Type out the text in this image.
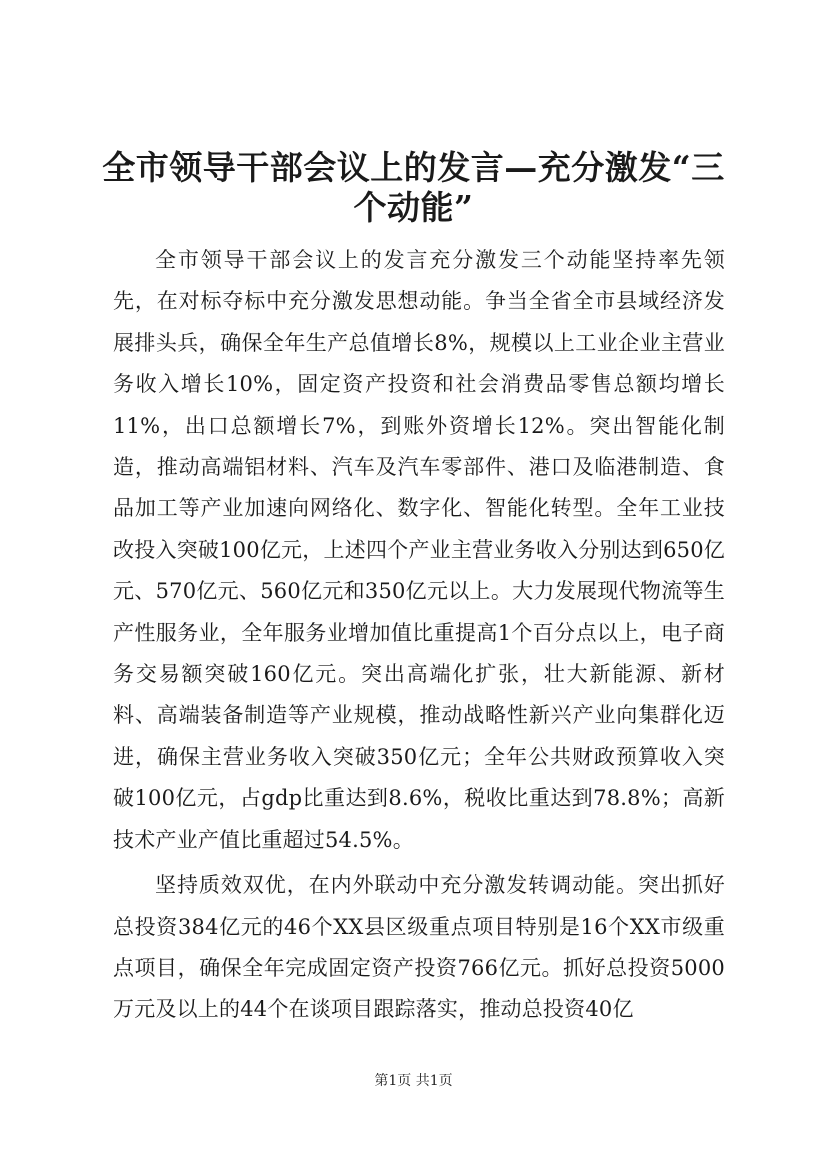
全市领导干部会议上的发言—充分激发“三个动能”

全市领导干部会议上的发言充分激发三个动能坚持率先领先，在对标夺标中充分激发思想动能。争当全省全市县域经济发展排头兵，确保全年生产总值增长8%，规模以上工业企业主营业务收入增长10%，固定资产投资和社会消费品零售总额均增长11%，出口总额增长7%，到账外资增长12%。突出智能化制造，推动高端铝材料、汽车及汽车零部件、港口及临港制造、食品加工等产业加速向网络化、数字化、智能化转型。全年工业技改投入突破100亿元，上述四个产业主营业务收入分别达到650亿元、570亿元、560亿元和350亿元以上。大力发展现代物流等生产性服务业，全年服务业增加值比重提高1个百分点以上，电子商务交易额突破160亿元。突出高端化扩张，壮大新能源、新材料、高端装备制造等产业规模，推动战略性新兴产业向集群化迈进，确保主营业务收入突破350亿元；全年公共财政预算收入突破100亿元，占gdp比重达到8.6%，税收比重达到78.8%；高新技术产业产值比重超过54.5%。

坚持质效双优，在内外联动中充分激发转调动能。突出抓好总投资384亿元的46个XX县区级重点项目特别是16个XX市级重点项目，确保全年完成固定资产投资766亿元。抓好总投资5000万元及以上的44个在谈项目跟踪落实，推动总投资40亿

第1页 共1页
